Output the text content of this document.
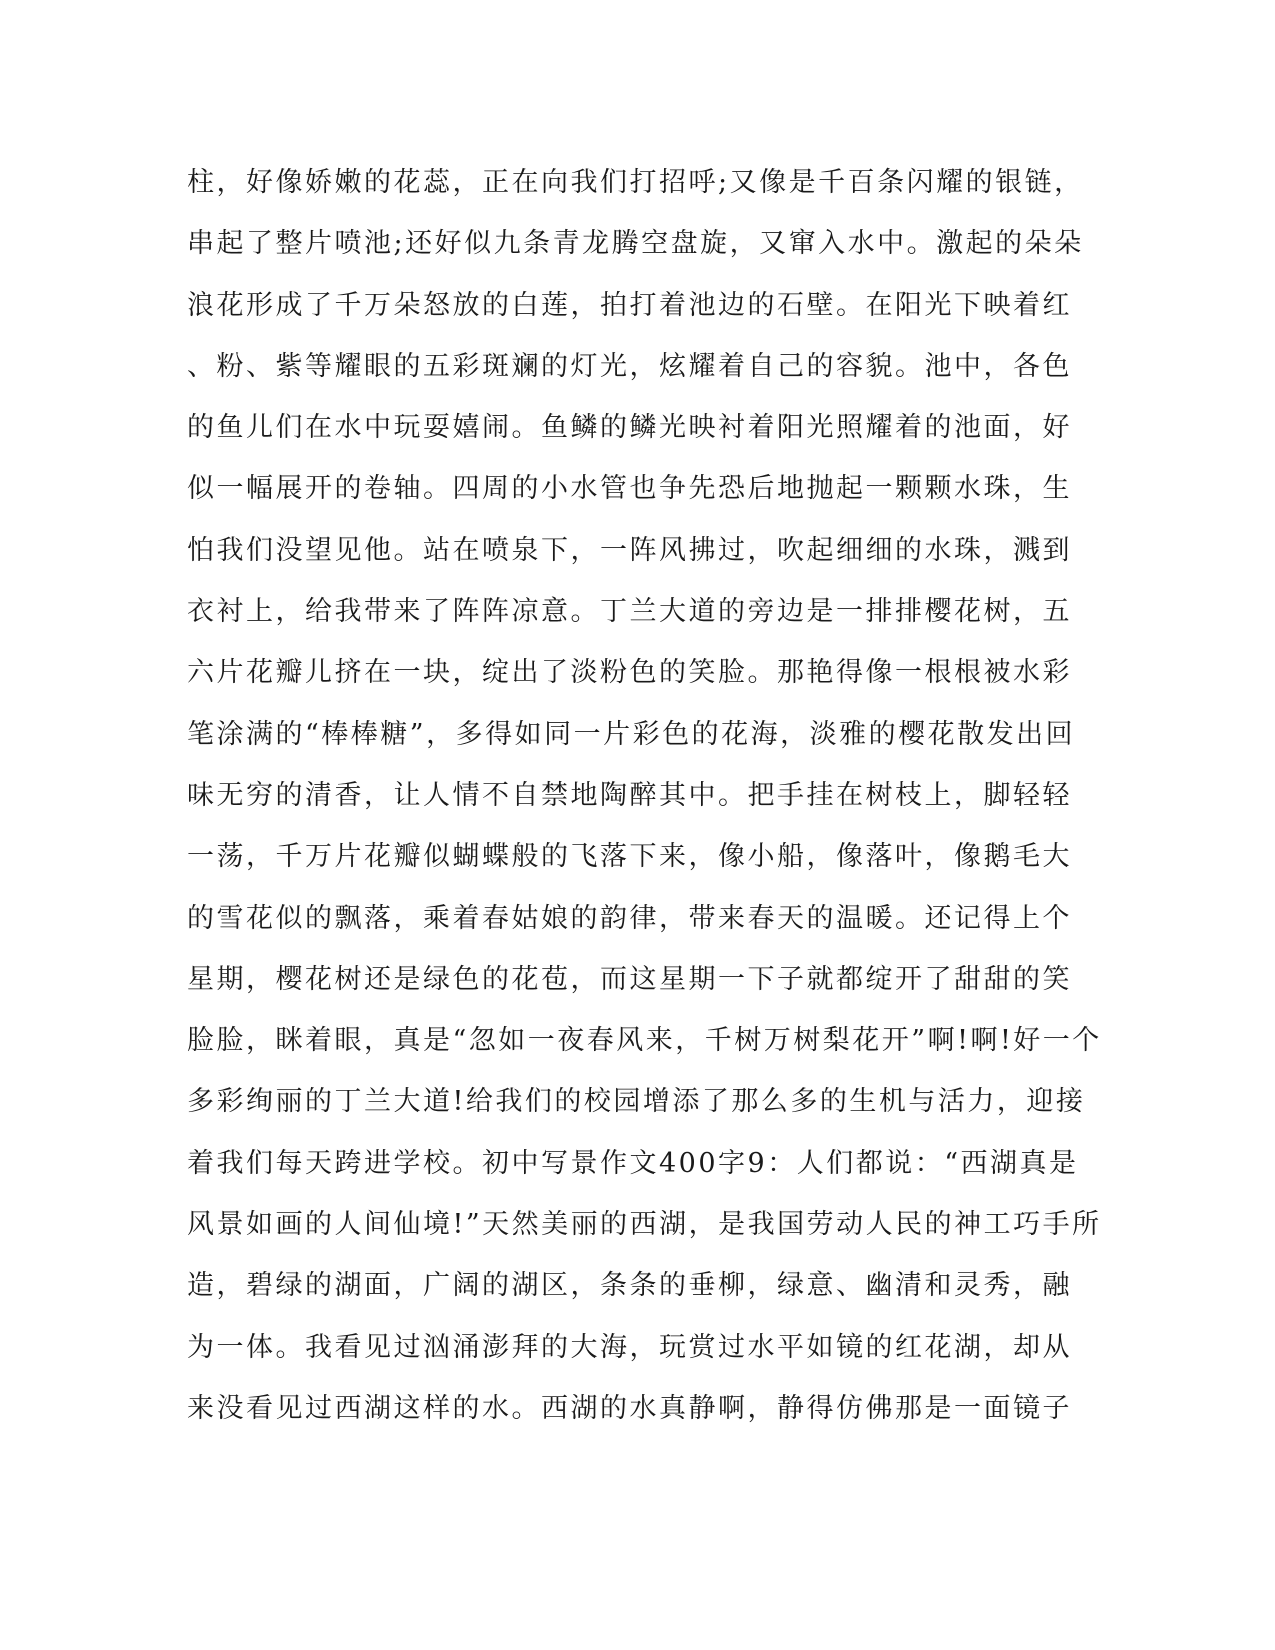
柱，好像娇嫩的花蕊，正在向我们打招呼;又像是千百条闪耀的银链，
串起了整片喷池;还好似九条青龙腾空盘旋，又窜入水中。激起的朵朵
浪花形成了千万朵怒放的白莲，拍打着池边的石壁。在阳光下映着红
、粉、紫等耀眼的五彩斑斓的灯光，炫耀着自己的容貌。池中，各色
的鱼儿们在水中玩耍嬉闹。鱼鳞的鳞光映衬着阳光照耀着的池面，好
似一幅展开的卷轴。四周的小水管也争先恐后地抛起一颗颗水珠，生
怕我们没望见他。站在喷泉下，一阵风拂过，吹起细细的水珠，溅到
衣衬上，给我带来了阵阵凉意。丁兰大道的旁边是一排排樱花树，五
六片花瓣儿挤在一块，绽出了淡粉色的笑脸。那艳得像一根根被水彩
笔涂满的“棒棒糖”，多得如同一片彩色的花海，淡雅的樱花散发出回
味无穷的清香，让人情不自禁地陶醉其中。把手挂在树枝上，脚轻轻
一荡，千万片花瓣似蝴蝶般的飞落下来，像小船，像落叶，像鹅毛大
的雪花似的飘落，乘着春姑娘的韵律，带来春天的温暖。还记得上个
星期，樱花树还是绿色的花苞，而这星期一下子就都绽开了甜甜的笑
脸脸，眯着眼，真是“忽如一夜春风来，千树万树梨花开”啊!啊!好一个
多彩绚丽的丁兰大道!给我们的校园增添了那么多的生机与活力，迎接
着我们每天跨进学校。初中写景作文400字9：人们都说：“西湖真是
风景如画的人间仙境!”天然美丽的西湖，是我国劳动人民的神工巧手所
造，碧绿的湖面，广阔的湖区，条条的垂柳，绿意、幽清和灵秀，融
为一体。我看见过汹涌澎拜的大海，玩赏过水平如镜的红花湖，却从
来没看见过西湖这样的水。西湖的水真静啊，静得仿佛那是一面镜子
